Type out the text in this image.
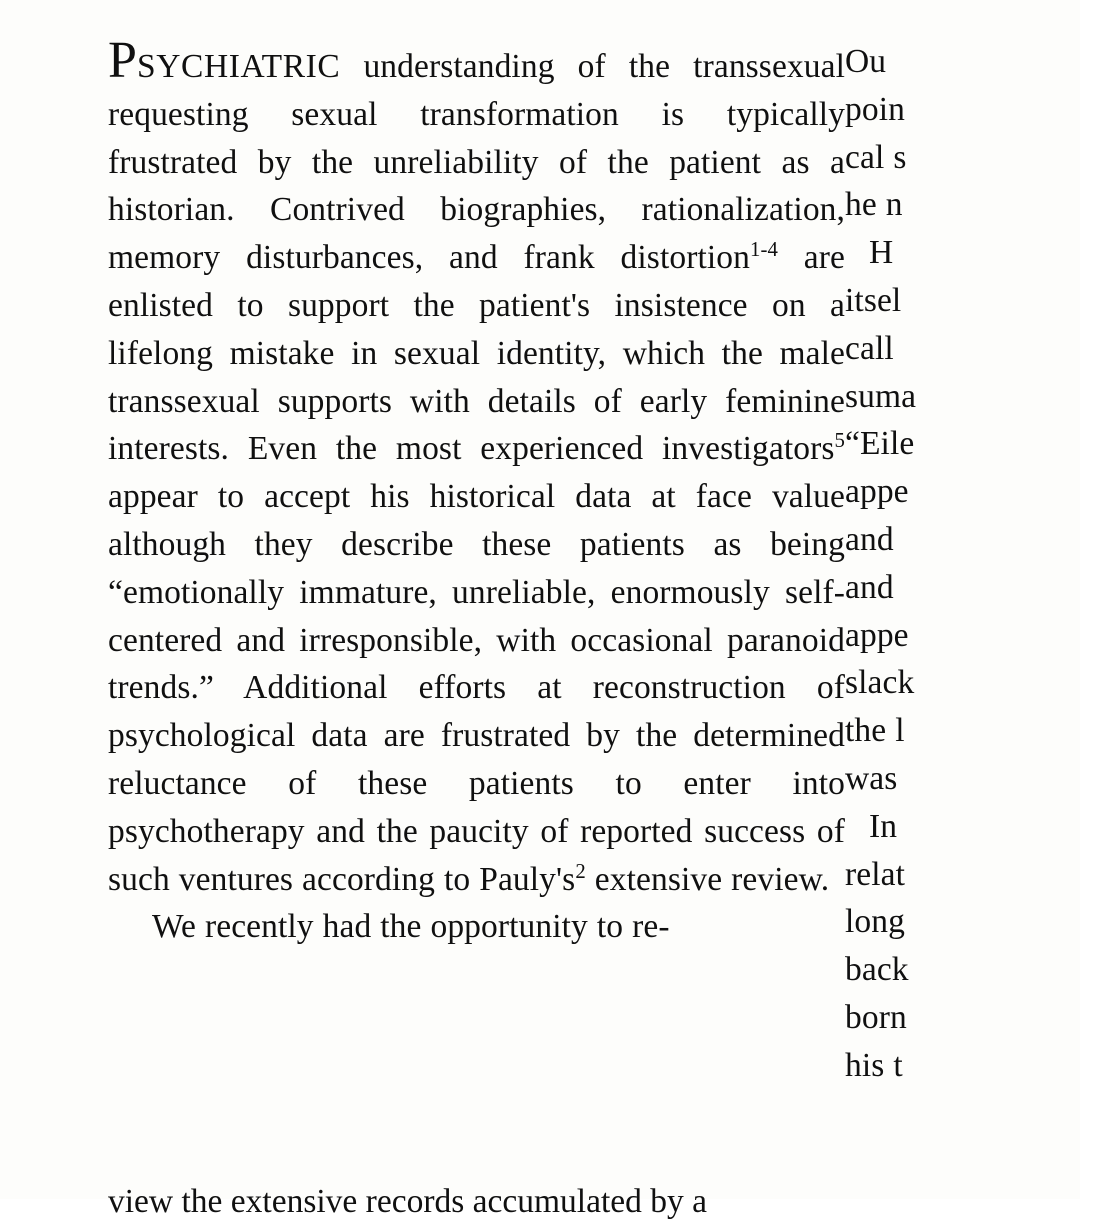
PSYCHIATRIC understanding of the transsexual requesting sexual transformation is typically frustrated by the unreliability of the patient as a historian. Contrived biographies, rationalization, memory disturbances, and frank distortion$^{1-4}$ are enlisted to support the patient's insistence on a lifelong mistake in sexual identity, which the male transsexual supports with details of early feminine interests. Even the most experienced investigators$^5$ appear to accept his historical data at face value although they describe these patients as being “emotionally immature, unreliable, enormously self-centered and irresponsible, with occasional paranoid trends.” Additional efforts at reconstruction of psychological data are frustrated by the determined reluctance of these patients to enter into psychotherapy and the paucity of reported success of such ventures according to $Pauly's^2$ extensive review.

We recently had the opportunity to re-

Ou
poin
cal s
he n
H
itsel
call
suma
“Eile
appe
and
and
appe
slack
the l
was
In
relat
long
back
born
his t

view the extensive records accumulated by a
